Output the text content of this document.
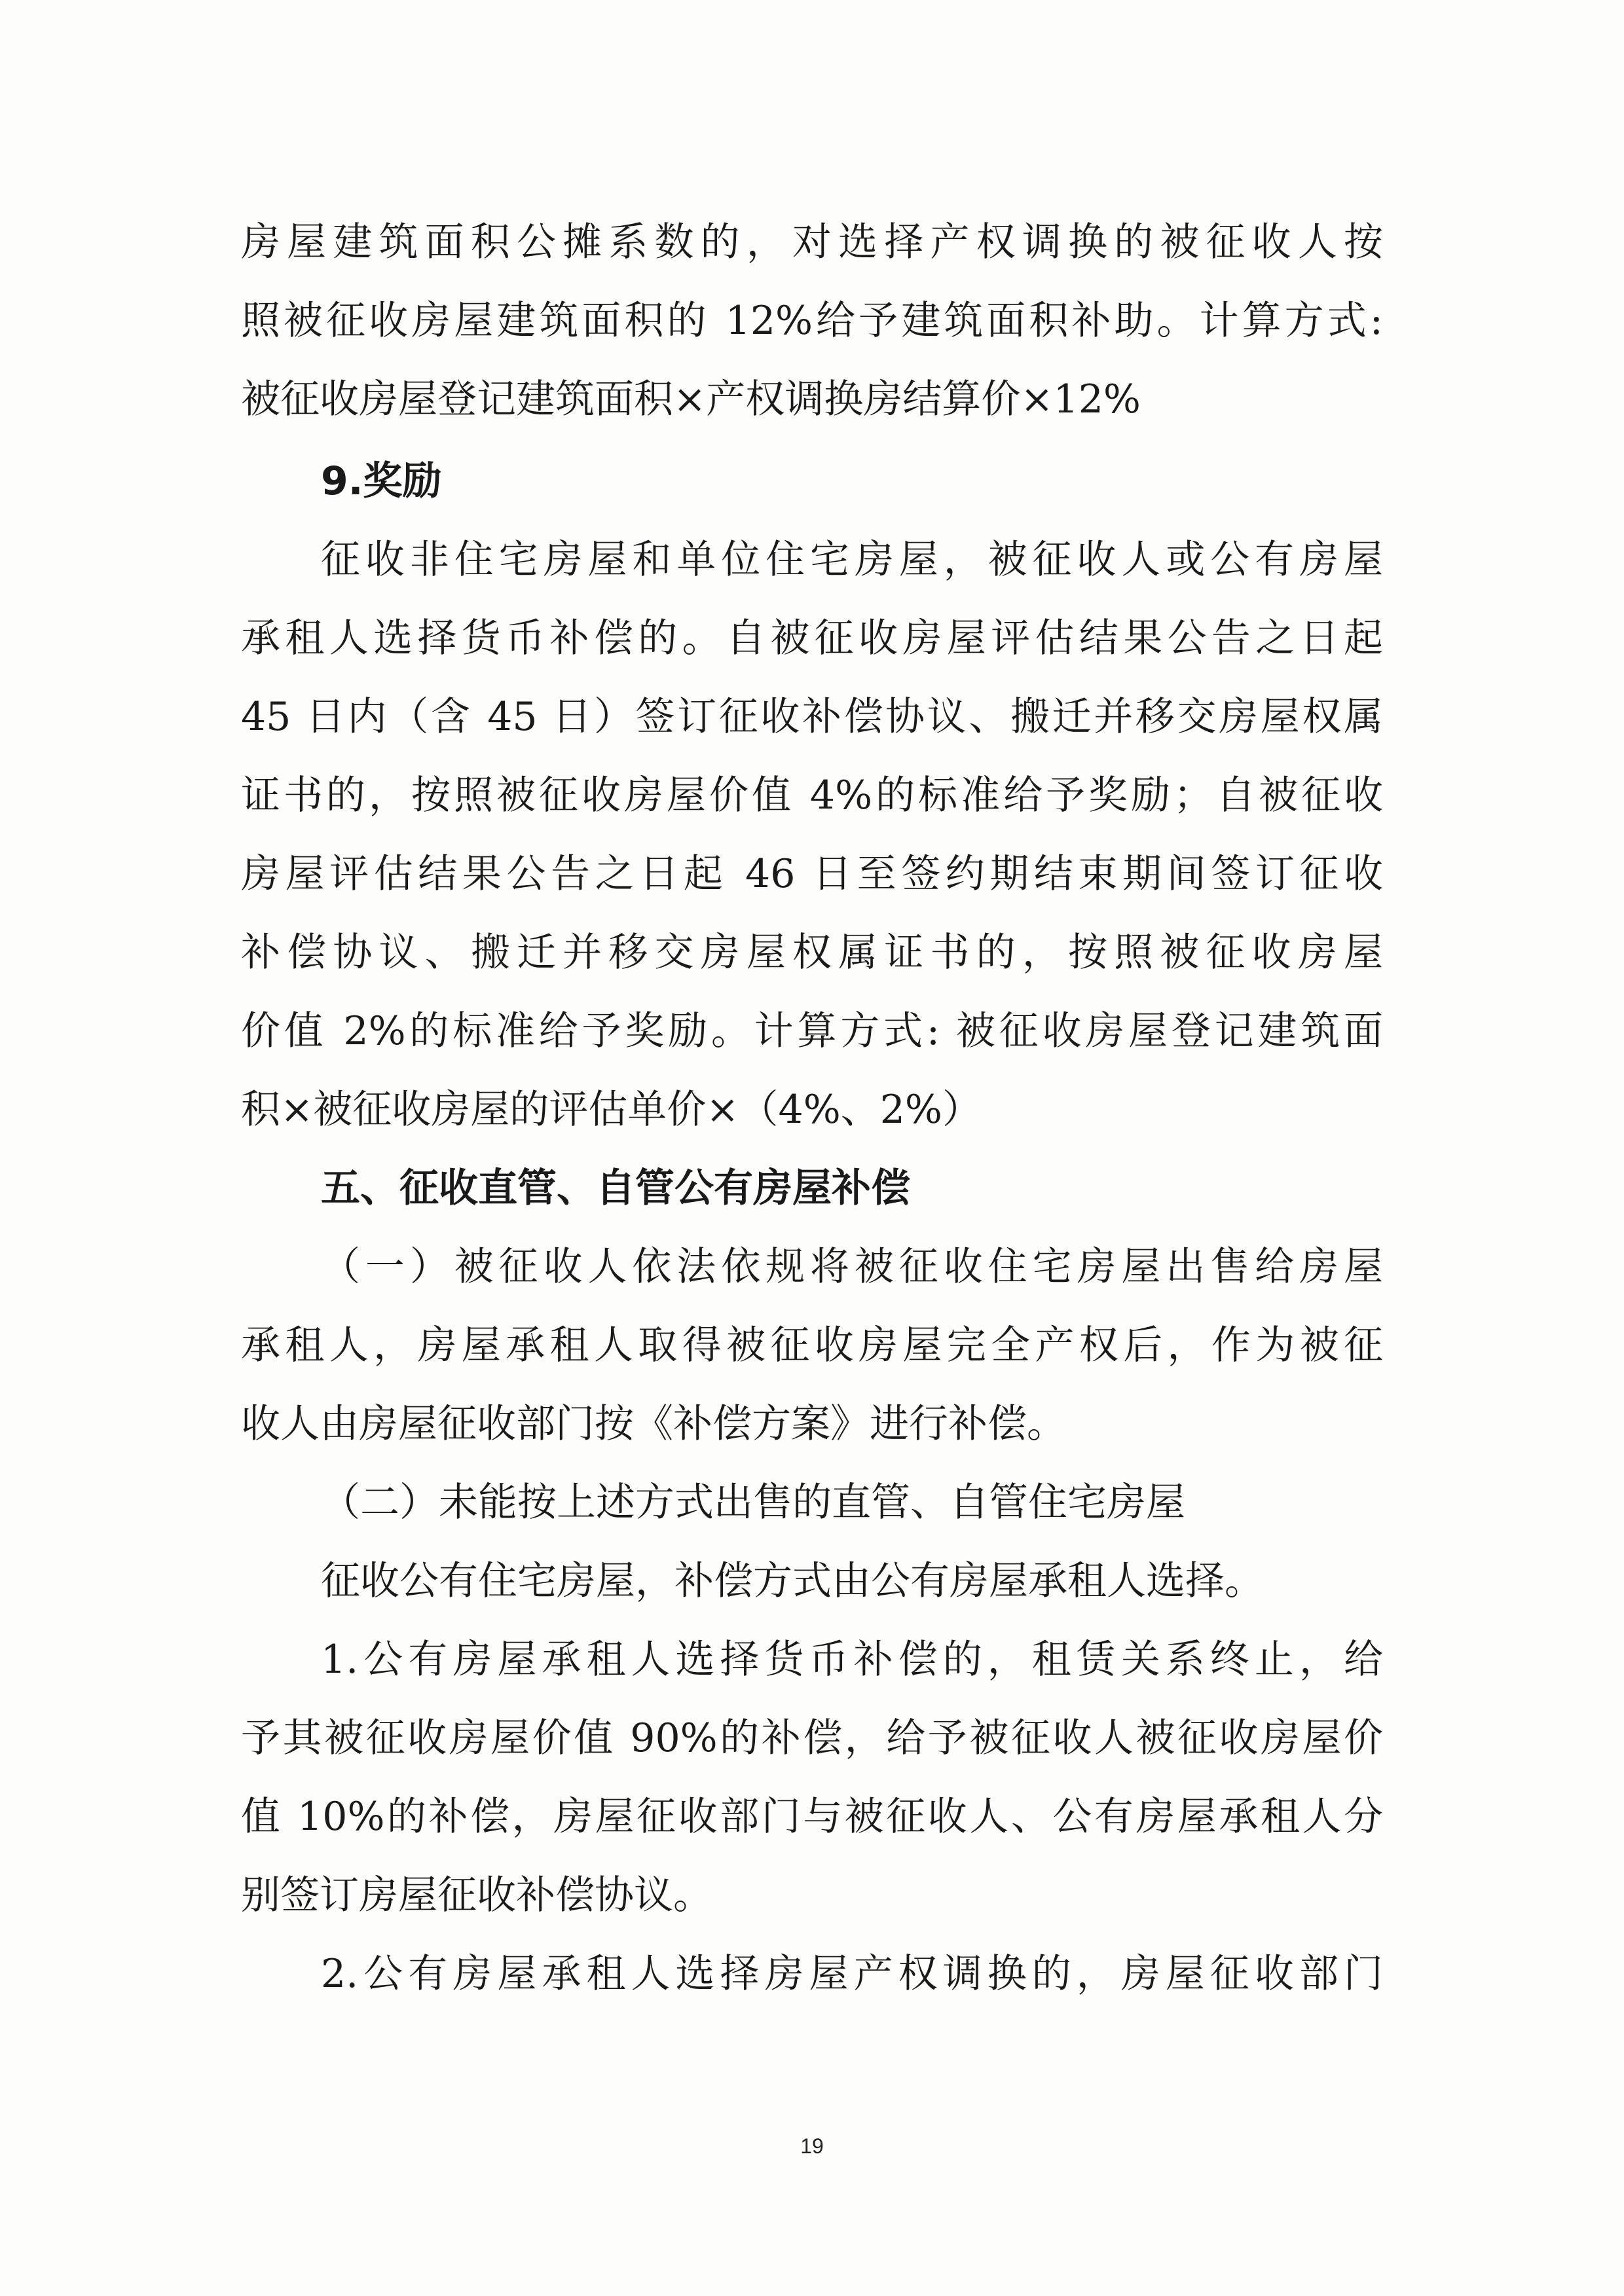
房屋建筑面积公摊系数的，对选择产权调换的被征收人按
照被征收房屋建筑面积的 12%给予建筑面积补助。计算方式:
被征收房屋登记建筑面积×产权调换房结算价×12%
9.奖励
征收非住宅房屋和单位住宅房屋，被征收人或公有房屋
承租人选择货币补偿的。自被征收房屋评估结果公告之日起
45 日内（含 45 日）签订征收补偿协议、搬迁并移交房屋权属
证书的，按照被征收房屋价值 4%的标准给予奖励；自被征收
房屋评估结果公告之日起 46 日至签约期结束期间签订征收
补偿协议、搬迁并移交房屋权属证书的，按照被征收房屋
价值 2%的标准给予奖励。计算方式: 被征收房屋登记建筑面
积×被征收房屋的评估单价×（4%、2%）
五、征收直管、自管公有房屋补偿
（一）被征收人依法依规将被征收住宅房屋出售给房屋
承租人，房屋承租人取得被征收房屋完全产权后，作为被征
收人由房屋征收部门按《补偿方案》进行补偿。
（二）未能按上述方式出售的直管、自管住宅房屋
征收公有住宅房屋，补偿方式由公有房屋承租人选择。
1.公有房屋承租人选择货币补偿的，租赁关系终止，给
予其被征收房屋价值 90%的补偿，给予被征收人被征收房屋价
值 10%的补偿，房屋征收部门与被征收人、公有房屋承租人分
别签订房屋征收补偿协议。
2.公有房屋承租人选择房屋产权调换的，房屋征收部门
19
